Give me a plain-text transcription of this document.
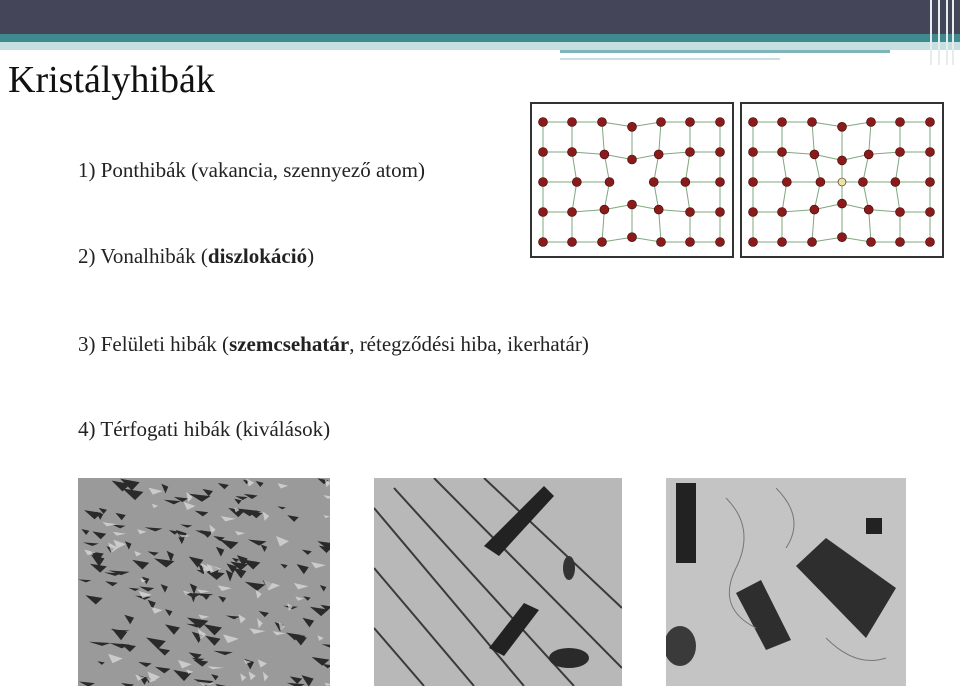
Kristályhibák
1) Ponthibák (vakancia, szennyező atom)
2) Vonalhibák (diszlokáció)
3) Felületi hibák (szemcsehatár, rétegződési hiba, ikerhatár)
4) Térfogati hibák (kiválások)
